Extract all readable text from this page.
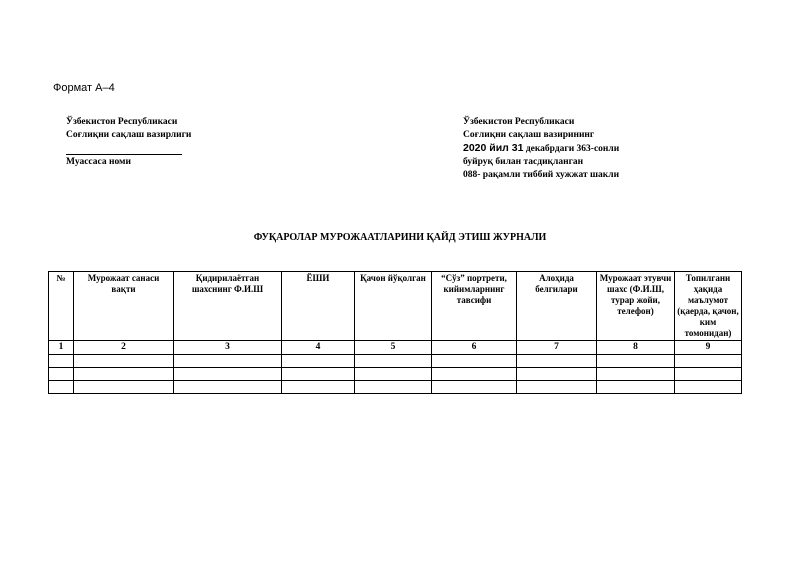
Формат А–4
Ўзбекистон Республикаси
Соғлиқни сақлаш вазирлиги
Муассаса номи
Ўзбекистон Республикаси
Соғлиқни сақлаш вазирининг
2020 йил 31 декабрдаги 363-сонли
буйруқ билан тасдиқланган
088- рақамли тиббий хужжат шакли
ФУҚАРОЛАР МУРОЖААТЛАРИНИ ҚАЙД ЭТИШ ЖУРНАЛИ
№	Мурожаат санаси вақти	Қидирилаётган шахснинг Ф.И.Ш	ЁШИ	Қачон йўқолган	“Сўз” портрети, кийимларнинг тавсифи	Алоҳида белгилари	Мурожаат этувчи шахс (Ф.И.Ш, турар жойи, телефон)	Топилгани ҳақида маълумот (қаерда, қачон, ким томонидан)
1	2	3	4	5	6	7	8	9
